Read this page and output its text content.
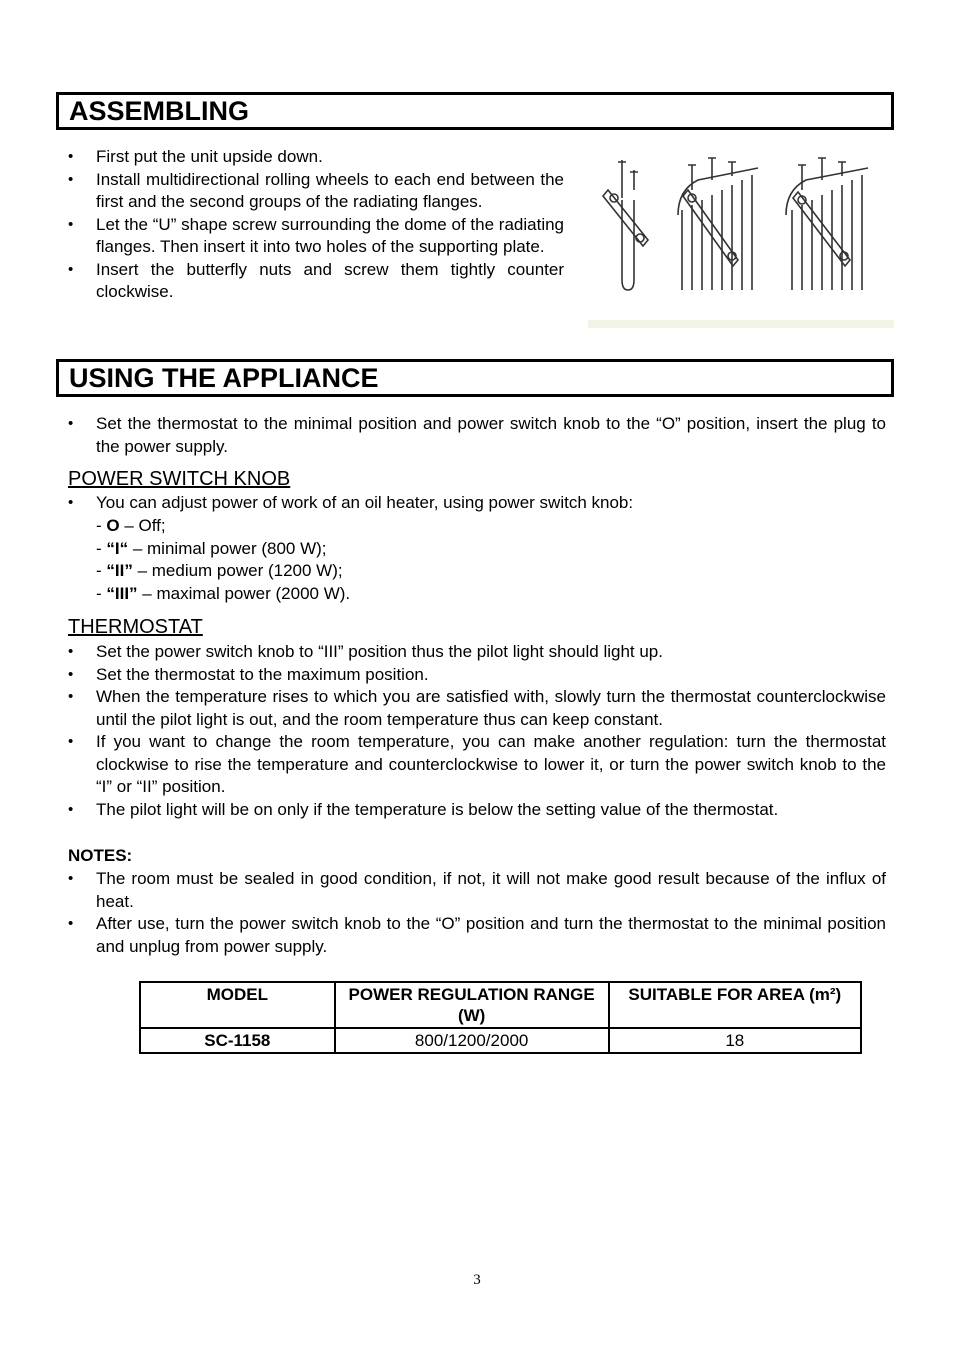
ASSEMBLING
• First put the unit upside down.
• Install multidirectional rolling wheels to each end between the first and the second groups of the radiating flanges.
• Let the “U” shape screw surrounding the dome of the radiating flanges. Then insert it into two holes of the supporting plate.
• Insert the butterfly nuts and screw them tightly counter clockwise.
USING THE APPLIANCE
• Set the thermostat to the minimal position and power switch knob to the “O” position, insert the plug to the power supply.
POWER SWITCH KNOB
• You can adjust power of work of an oil heater, using power switch knob:
- O – Off;
- “I“ – minimal power (800 W);
- “II” – medium power (1200 W);
- “III” – maximal power (2000 W).
THERMOSTAT
• Set the power switch knob to “III” position thus the pilot light should light up.
• Set the thermostat to the maximum position.
• When the temperature rises to which you are satisfied with, slowly turn the thermostat counterclockwise until the pilot light is out, and the room temperature thus can keep constant.
• If you want to change the room temperature, you can make another regulation: turn the thermostat clockwise to rise the temperature and counterclockwise to lower it, or turn the power switch knob to the “I” or “II” position.
• The pilot light will be on only if the temperature is below the setting value of the thermostat.
NOTES:
• The room must be sealed in good condition, if not, it will not make good result because of the influx of heat.
• After use, turn the power switch knob to the “O” position and turn the thermostat to the minimal position and unplug from power supply.
MODEL	POWER REGULATION RANGE (W)	SUITABLE FOR AREA (m²)
SC-1158	800/1200/2000	18
3
